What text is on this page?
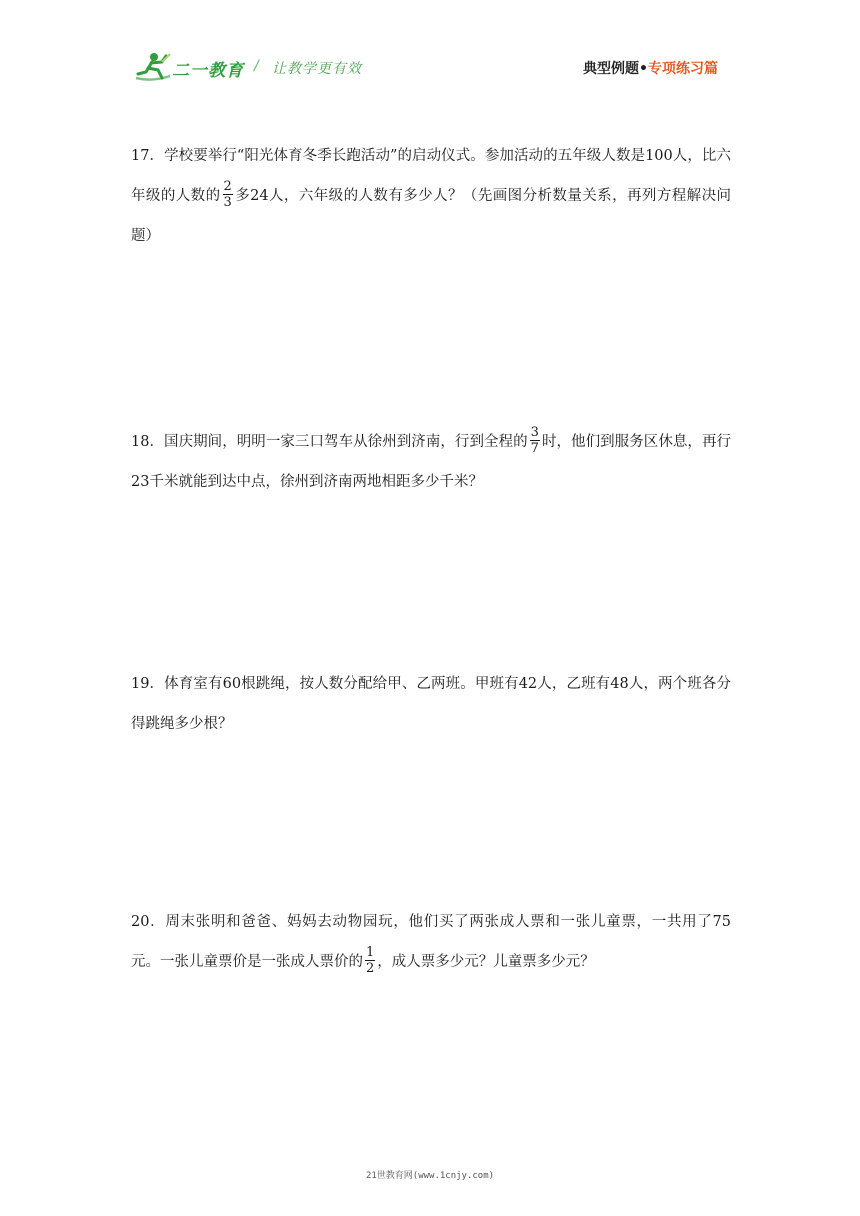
二一教育 / 让教学更有效	典型例题•专项练习篇
17．学校要举行“阳光体育冬季长跑活动”的启动仪式。参加活动的五年级人数是100人，比六年级的人数的 $\frac{2}{3}$ 多24人，六年级的人数有多少人？（先画图分析数量关系，再列方程解决问题）
18．国庆期间，明明一家三口驾车从徐州到济南，行到全程的 $\frac{3}{7}$ 时，他们到服务区休息，再行23千米就能到达中点，徐州到济南两地相距多少千米？
19．体育室有60根跳绳，按人数分配给甲、乙两班。甲班有42人，乙班有48人，两个班各分得跳绳多少根？
20．周末张明和爸爸、妈妈去动物园玩，他们买了两张成人票和一张儿童票，一共用了75元。一张儿童票价是一张成人票价的 $\frac{1}{2}$ ，成人票多少元？儿童票多少元？
21世教育网(www.1cnjy.com)
